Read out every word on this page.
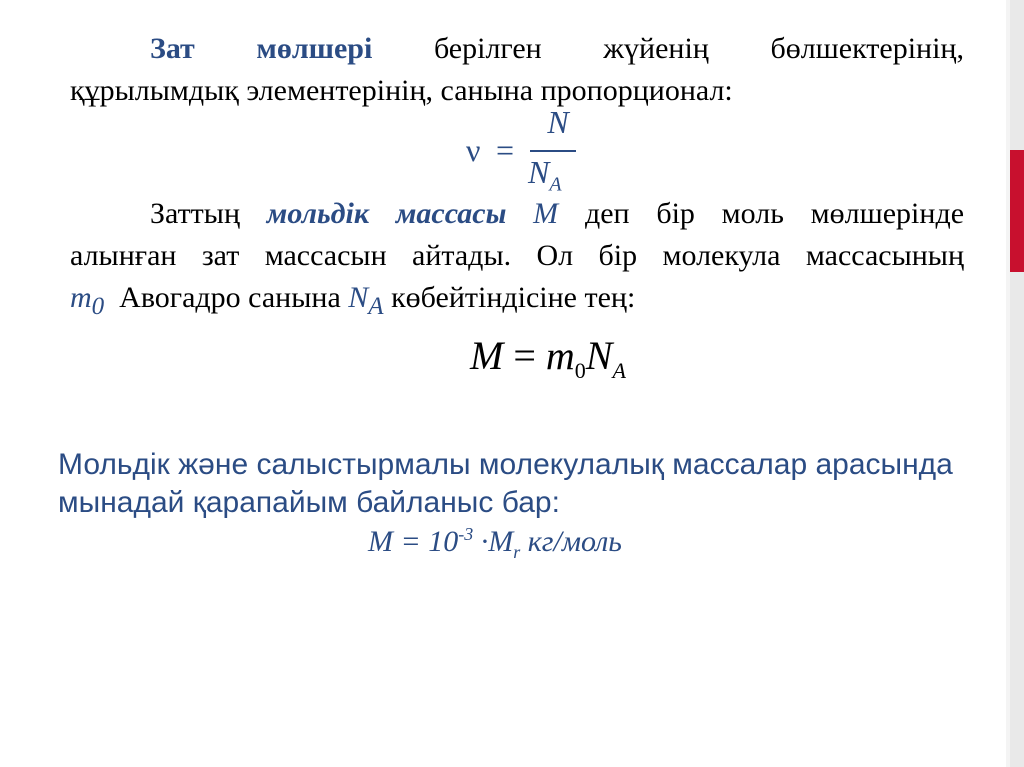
Зат мөлшері берілген жүйенің бөлшектерінің,
құрылымдық элементерінің, санына пропорционал:
ν =
N
$N_A$
Заттың мольдік массасы M деп бір моль мөлшерінде
алынған зат массасын айтады. Ол бір молекула массасының
$m_0$ Авогадро санына $N_A$ көбейтіндісіне тең:
$M = m_0N_A$
Мольдік және салыстырмалы молекулалық массалар арасында
мынадай қарапайым байланыс бар:
$M = 10^{-3} \cdot M_r$ кг/моль
